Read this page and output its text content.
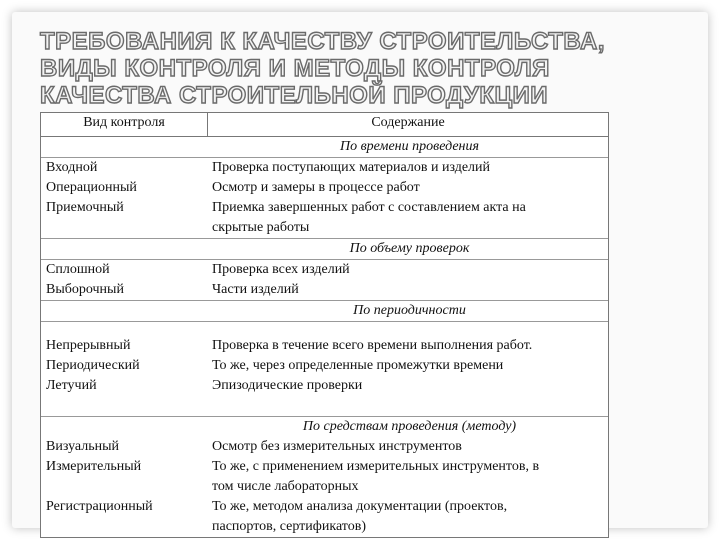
ТРЕБОВАНИЯ К КАЧЕСТВУ СТРОИТЕЛЬСТВА,
ВИДЫ КОНТРОЛЯ И МЕТОДЫ КОНТРОЛЯ
КАЧЕСТВА СТРОИТЕЛЬНОЙ ПРОДУКЦИИ
Вид контроля	Содержание
По времени проведения
Входной
Операционный
Приемочный
Проверка поступающих материалов и изделий
Осмотр и замеры в процессе работ
Приемка завершенных работ с составлением акта на
скрытые работы
По объему проверок
Сплошной
Выборочный
Проверка всех изделий
Части изделий
По периодичности
Непрерывный
Периодический
Летучий
Проверка в течение всего времени выполнения работ.
То же, через определенные промежутки времени
Эпизодические проверки
По средствам проведения (методу)
Визуальный
Измерительный
Регистрационный
Осмотр без измерительных инструментов
То же, с применением измерительных инструментов, в
том числе лабораторных
То же, методом анализа документации (проектов,
паспортов, сертификатов)
